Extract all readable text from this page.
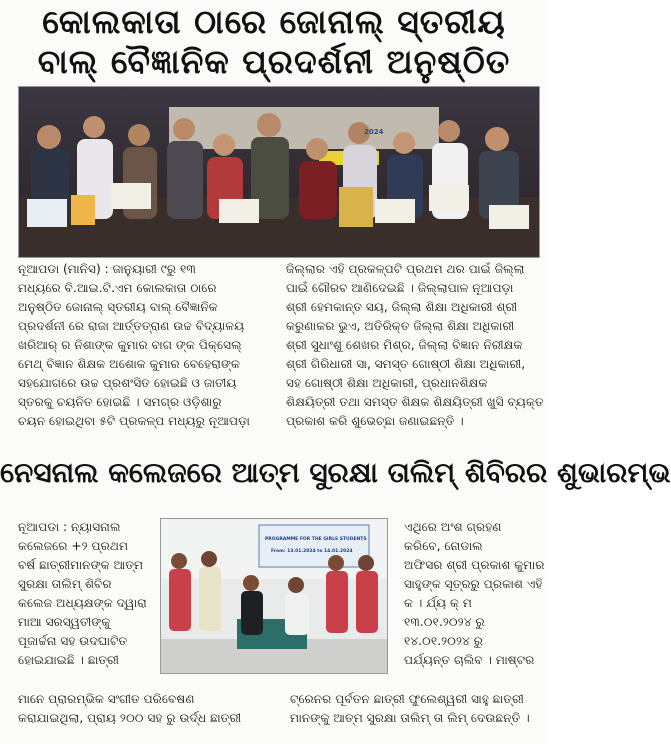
କୋଲକାତା ଠାରେ ଜୋନାଲ୍ ସ୍ତରୀୟ
ବାଲ୍ ବୈଜ୍ଞାନିକ ପ୍ରଦର୍ଶନୀ ଅନୁଷ୍ଠିତ
2024
ନୂଆପଡା (ମାନିସ) : ଜାନୁୟାରୀ ୯ରୁ ୧୩
ମଧ୍ୟରେ ବି.ଆଇ.ଟି.ଏମ କୋଲକାତା ଠାରେ
ଅନୁଷ୍ଠିତ ଜୋନାଲ୍ ସ୍ତରୀୟ ବାଲ୍ ବୈଜ୍ଞାନିକ
ପ୍ରଦର୍ଶନୀ ରେ ରାଜା ଆର୍ତ୍ତତ୍ରାଣ ଉଚ୍ଚ ବିଦ୍ୟାଳୟ
ଖରିଆର୍ ର ନିଶାଙ୍କ କୁମାର ବାଗ ଙ୍କ ପିକ୍ସେଲ୍
ମେଥ୍ ବିଜ୍ଞାନ ଶିକ୍ଷକ ଅଶୋକ କୁମାର ବେହେରାଙ୍କ
ସହଯୋଗରେ ଉଚ୍ଚ ପ୍ରଶଂସିତ ହୋଇଛି ଓ ଜାତୀୟ
ସ୍ତରକୁ ଚୟନିତ ହୋଇଛି । ସମଗ୍ର ଓଡ଼ିଶାରୁ
ଚୟନ ହୋଇଥିବା ୫ଟି ପ୍ରକଳ୍ପ ମଧ୍ୟରୁ ନୂଆପଡ଼ା
ଜିଲ୍ଲାର ଏହି ପ୍ରକଳ୍ପଟି ପ୍ରଥମ ଥର ପାଇଁ ଜିଲ୍ଲା
ପାଇଁ ଗୌରବ ଆଣିଦେଇଛି । ଜିଲ୍ଲାପାଳ ନୂଆପଡ଼ା
ଶ୍ରୀ ହେମକାନ୍ତ ସୟ, ଜିଲ୍ଲା ଶିକ୍ଷା ଅଧିକାରୀ ଶ୍ରୀ
କରୁଣାକର ଭୁଏ, ଅତିରିକ୍ତ ଜିଲ୍ଲା ଶିକ୍ଷା ଅଧିକାରୀ
ଶ୍ରୀ ସୁଧାଂଶୁ ଶେଖର ମିଶ୍ର, ଜିଲ୍ଲା ବିଜ୍ଞାନ ନିରୀକ୍ଷକ
ଶ୍ରୀ ଗିରିଧାରୀ ସା, ସମସ୍ତ ଗୋଷ୍ଠୀ ଶିକ୍ଷା ଅଧିକାରୀ,
ସହ ଗୋଷ୍ଠୀ ଶିକ୍ଷା ଅଧିକାରୀ, ପ୍ରଧାନଶିକ୍ଷକ
ଶିକ୍ଷୟିତ୍ରୀ ତଥା ସମସ୍ତ ଶିକ୍ଷକ ଶିକ୍ଷୟିତ୍ରୀ ଖୁସି ବ୍ୟକ୍ତ
ପ୍ରକାଶ କରି ଶୁଭେଚ୍ଛା ଜଣାଇଛନ୍ତି ।
ନେସନାଲ କଲେଜରେ ଆତ୍ମ ସୁରକ୍ଷା ତାଲିମ୍ ଶିବିରର ଶୁଭାରମ୍ଭ
ନୂଆପଡା : ନ୍ୟାସନାଲ
କଲେଜରେ +୨ ପ୍ରଥମ
ବର୍ଷ ଛାତ୍ରୀମାନଙ୍କ ଆତ୍ମ
ସୁରକ୍ଷା ତାଲିମ୍ ଶିବିର
କଲେଜ ଅଧ୍ୟକ୍ଷଙ୍କ ଦ୍ୱାରା
ମାଆ ସରସ୍ୱତୀଙ୍କୁ
ପୂଜାର୍ଚ୍ଚନା ସହ ଉଦଘାଟିତ
ହୋଇଯାଇଛି । ଛାତ୍ରୀ
PROGRAMME FOR THE GIRLS STUDENTS
From: 13.01.2024 to 14.01.2024
ଏଥିରେ ଅଂଶ ଗ୍ରହଣ
କରିବେ, ନୋଡାଲ
ଅଫିସର ଶ୍ରୀ ପ୍ରକାଶ କୁମାର
ସାହୁଙ୍କ ସୂତ୍ରରୁ ପ୍ରକାଶ ଏହି
କ । ର୍ଯ୍ୟ କ୍ ମ
୧୩.୦୧.୨୦୨୪ ରୁ
୧୪.୦୧.୨୦୨୪ ରୁ
ପର୍ଯ୍ୟନ୍ତ ଚାଲିବ । ମାଷ୍ଟର
ମାନେ ପ୍ରାରମ୍ଭିକ ସଂଗୀତ ପରିବେଷଣ
କରାଯାଇଥିଲା, ପ୍ରାୟ ୨୦୦ ସହ ରୁ ଉର୍ଦ୍ଧ ଛାତ୍ରୀ
ଟ୍ରେନର ପୂର୍ବତନ ଛାତ୍ରୀ ଫୁଲେଶ୍ୱରୀ ସାହୁ ଛାତ୍ରୀ
ମାନଙ୍କୁ ଆତ୍ମ ସୁରକ୍ଷା ତାଲିମ୍ ତା ଲିମ୍ ଦେଉଛନ୍ତି ।
